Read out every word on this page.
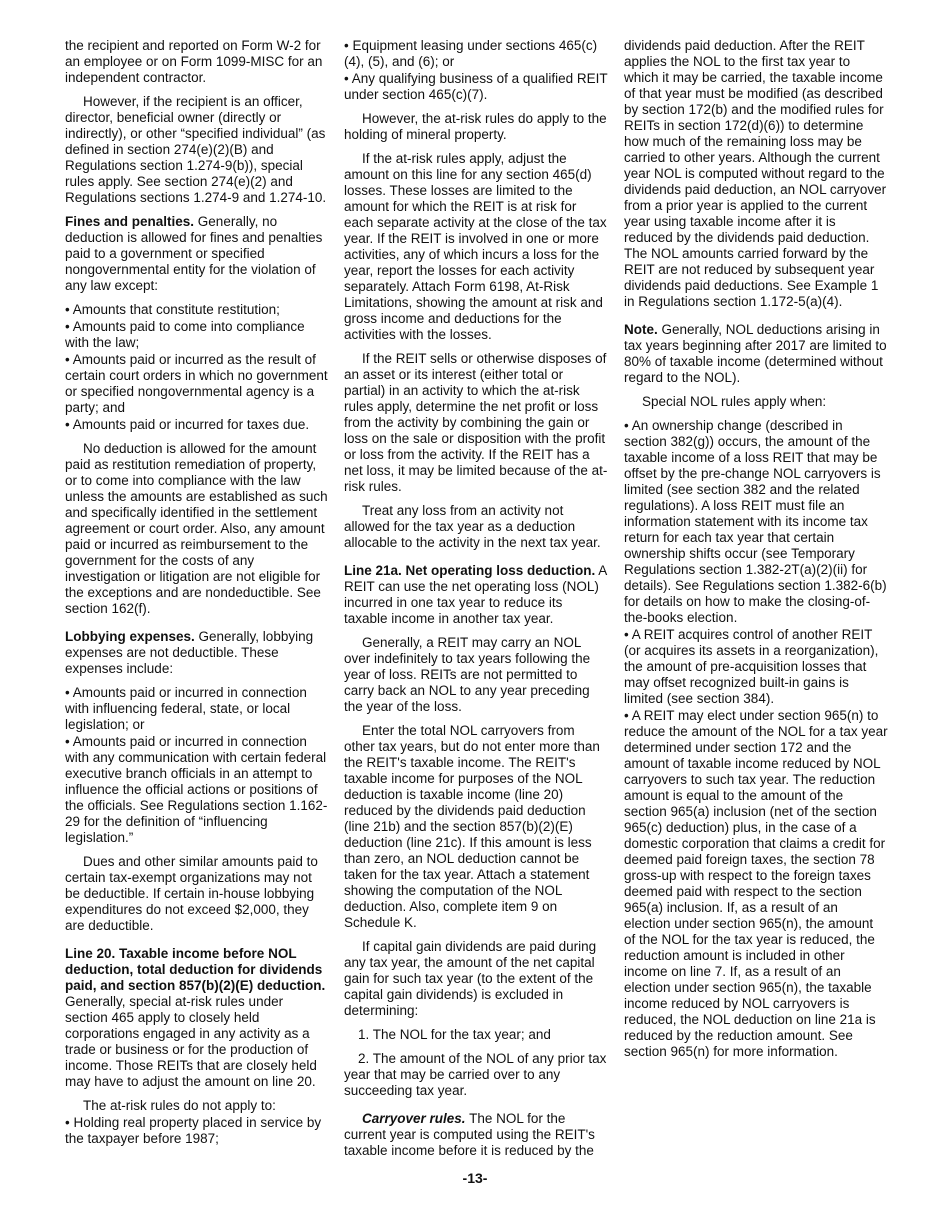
the recipient and reported on Form W-2 for an employee or on Form 1099-MISC for an independent contractor.

However, if the recipient is an officer, director, beneficial owner (directly or indirectly), or other “specified individual” (as defined in section 274(e)(2)(B) and Regulations section 1.274-9(b)), special rules apply. See section 274(e)(2) and Regulations sections 1.274-9 and 1.274-10.

Fines and penalties. Generally, no deduction is allowed for fines and penalties paid to a government or specified nongovernmental entity for the violation of any law except:

• Amounts that constitute restitution;

• Amounts paid to come into compliance with the law;

• Amounts paid or incurred as the result of certain court orders in which no government or specified nongovernmental agency is a party; and

• Amounts paid or incurred for taxes due.

No deduction is allowed for the amount paid as restitution remediation of property, or to come into compliance with the law unless the amounts are established as such and specifically identified in the settlement agreement or court order. Also, any amount paid or incurred as reimbursement to the government for the costs of any investigation or litigation are not eligible for the exceptions and are nondeductible. See section 162(f).

Lobbying expenses. Generally, lobbying expenses are not deductible. These expenses include:

• Amounts paid or incurred in connection with influencing federal, state, or local legislation; or

• Amounts paid or incurred in connection with any communication with certain federal executive branch officials in an attempt to influence the official actions or positions of the officials. See Regulations section 1.162-29 for the definition of “influencing legislation.”

Dues and other similar amounts paid to certain tax-exempt organizations may not be deductible. If certain in-house lobbying expenditures do not exceed $2,000, they are deductible.

Line 20. Taxable income before NOL deduction, total deduction for dividends paid, and section 857(b)(2)(E) deduction. Generally, special at-risk rules under section 465 apply to closely held corporations engaged in any activity as a trade or business or for the production of income. Those REITs that are closely held may have to adjust the amount on line 20.

The at-risk rules do not apply to:

• Holding real property placed in service by the taxpayer before 1987;

• Equipment leasing under sections 465(c)(4), (5), and (6); or

• Any qualifying business of a qualified REIT under section 465(c)(7).

However, the at-risk rules do apply to the holding of mineral property.

If the at-risk rules apply, adjust the amount on this line for any section 465(d) losses. These losses are limited to the amount for which the REIT is at risk for each separate activity at the close of the tax year. If the REIT is involved in one or more activities, any of which incurs a loss for the year, report the losses for each activity separately. Attach Form 6198, At-Risk Limitations, showing the amount at risk and gross income and deductions for the activities with the losses.

If the REIT sells or otherwise disposes of an asset or its interest (either total or partial) in an activity to which the at-risk rules apply, determine the net profit or loss from the activity by combining the gain or loss on the sale or disposition with the profit or loss from the activity. If the REIT has a net loss, it may be limited because of the at-risk rules.

Treat any loss from an activity not allowed for the tax year as a deduction allocable to the activity in the next tax year.

Line 21a. Net operating loss deduction. A REIT can use the net operating loss (NOL) incurred in one tax year to reduce its taxable income in another tax year.

Generally, a REIT may carry an NOL over indefinitely to tax years following the year of loss. REITs are not permitted to carry back an NOL to any year preceding the year of the loss.

Enter the total NOL carryovers from other tax years, but do not enter more than the REIT's taxable income. The REIT's taxable income for purposes of the NOL deduction is taxable income (line 20) reduced by the dividends paid deduction (line 21b) and the section 857(b)(2)(E) deduction (line 21c). If this amount is less than zero, an NOL deduction cannot be taken for the tax year. Attach a statement showing the computation of the NOL deduction. Also, complete item 9 on Schedule K.

If capital gain dividends are paid during any tax year, the amount of the net capital gain for such tax year (to the extent of the capital gain dividends) is excluded in determining:

1. The NOL for the tax year; and

2. The amount of the NOL of any prior tax year that may be carried over to any succeeding tax year.

Carryover rules. The NOL for the current year is computed using the REIT's taxable income before it is reduced by the

dividends paid deduction. After the REIT applies the NOL to the first tax year to which it may be carried, the taxable income of that year must be modified (as described by section 172(b) and the modified rules for REITs in section 172(d)(6)) to determine how much of the remaining loss may be carried to other years. Although the current year NOL is computed without regard to the dividends paid deduction, an NOL carryover from a prior year is applied to the current year using taxable income after it is reduced by the dividends paid deduction. The NOL amounts carried forward by the REIT are not reduced by subsequent year dividends paid deductions. See Example 1 in Regulations section 1.172-5(a)(4).

Note. Generally, NOL deductions arising in tax years beginning after 2017 are limited to 80% of taxable income (determined without regard to the NOL).

Special NOL rules apply when:

• An ownership change (described in section 382(g)) occurs, the amount of the taxable income of a loss REIT that may be offset by the pre-change NOL carryovers is limited (see section 382 and the related regulations). A loss REIT must file an information statement with its income tax return for each tax year that certain ownership shifts occur (see Temporary Regulations section 1.382-2T(a)(2)(ii) for details). See Regulations section 1.382-6(b) for details on how to make the closing-of-the-books election.

• A REIT acquires control of another REIT (or acquires its assets in a reorganization), the amount of pre-acquisition losses that may offset recognized built-in gains is limited (see section 384).

• A REIT may elect under section 965(n) to reduce the amount of the NOL for a tax year determined under section 172 and the amount of taxable income reduced by NOL carryovers to such tax year. The reduction amount is equal to the amount of the section 965(a) inclusion (net of the section 965(c) deduction) plus, in the case of a domestic corporation that claims a credit for deemed paid foreign taxes, the section 78 gross-up with respect to the foreign taxes deemed paid with respect to the section 965(a) inclusion. If, as a result of an election under section 965(n), the amount of the NOL for the tax year is reduced, the reduction amount is included in other income on line 7. If, as a result of an election under section 965(n), the taxable income reduced by NOL carryovers is reduced, the NOL deduction on line 21a is reduced by the reduction amount. See section 965(n) for more information.

-13-
